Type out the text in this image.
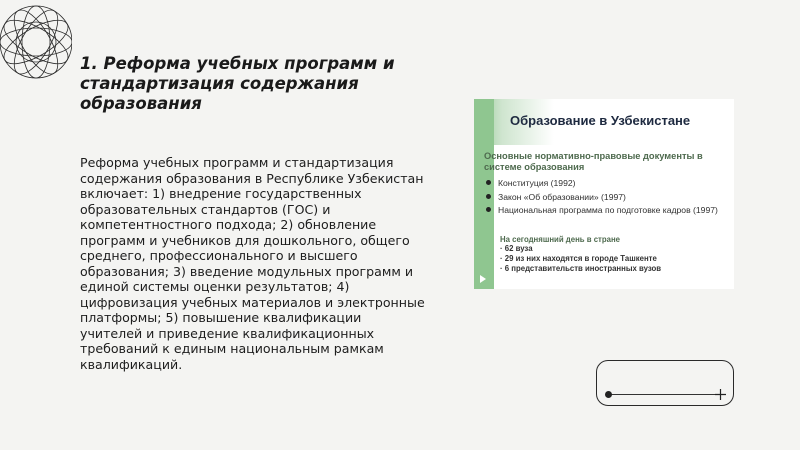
1. Реформа учебных программ и стандартизация содержания образования

Реформа учебных программ и стандартизация содержания образования в Республике Узбекистан включает: 1) внедрение государственных образовательных стандартов (ГОС) и компетентностного подхода; 2) обновление программ и учебников для дошкольного, общего среднего, профессионального и высшего образования; 3) введение модульных программ и единой системы оценки результатов; 4) цифровизация учебных материалов и электронные платформы; 5) повышение квалификации учителей и приведение квалификационных требований к единым национальным рамкам квалификаций.

Образование в Узбекистане
Основные нормативно-правовые документы в системе образования
Конституция (1992)
Закон «Об образовании» (1997)
Национальная программа по подготовке кадров (1997)
На сегодняшний день в стране
· 62 вуза
· 29 из них находятся в городе Ташкенте
· 6 представительств иностранных вузов
